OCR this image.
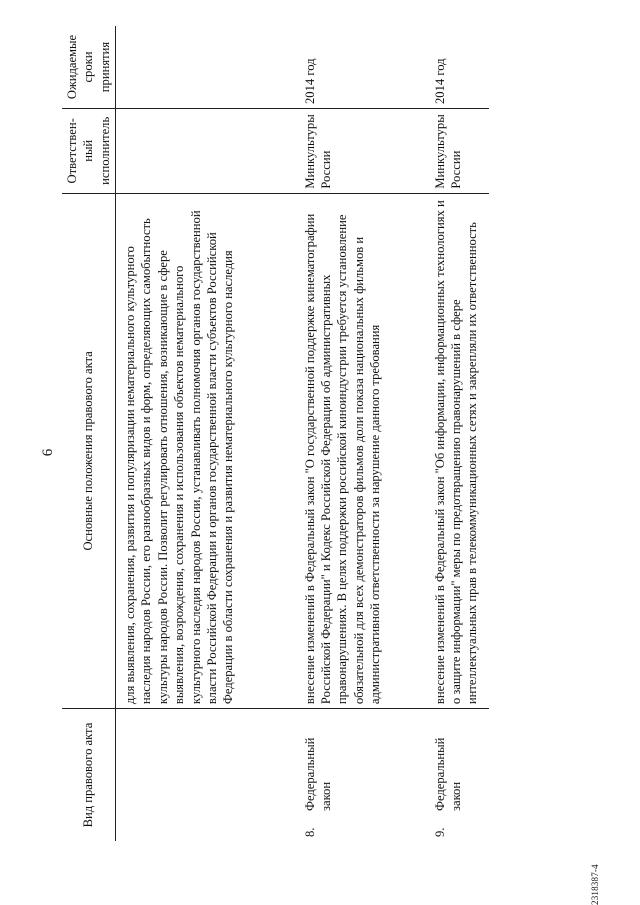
6
Вид правового акта	Основные положения правового акта	Ответствен-ный исполнитель	Ожидаемые сроки принятия

	для выявления, сохранения, развития и популяризации нематериального культурного наследия народов России, его разнообразных видов и форм, определяющих самобытность культуры народов России. Позволит регулировать отношения, возникающие в сфере выявления, возрождения, сохранения и использования объектов нематериального культурного наследия народов России, устанавливать полномочия органов государственной власти Российской Федерации и органов государственной власти субъектов Российской Федерации в области сохранения и развития нематериального культурного наследия		

8.
Федеральный закон	внесение изменений в Федеральный закон "О государственной поддержке кинематографии Российской Федерации" и Кодекс Российской Федерации об административных правонарушениях. В целях поддержки российской киноиндустрии требуется установление обязательной для всех демонстраторов фильмов доли показа национальных фильмов и административной ответственности за нарушение данного требования	Минкультуры России	2014 год

9.
Федеральный закон	внесение изменений в Федеральный закон "Об информации, информационных технологиях и о защите информации" меры по предотвращению правонарушений в сфере интеллектуальных прав в телекоммуникационных сетях и закрепляли их ответственность	Минкультуры России	2014 год
2318387-4
